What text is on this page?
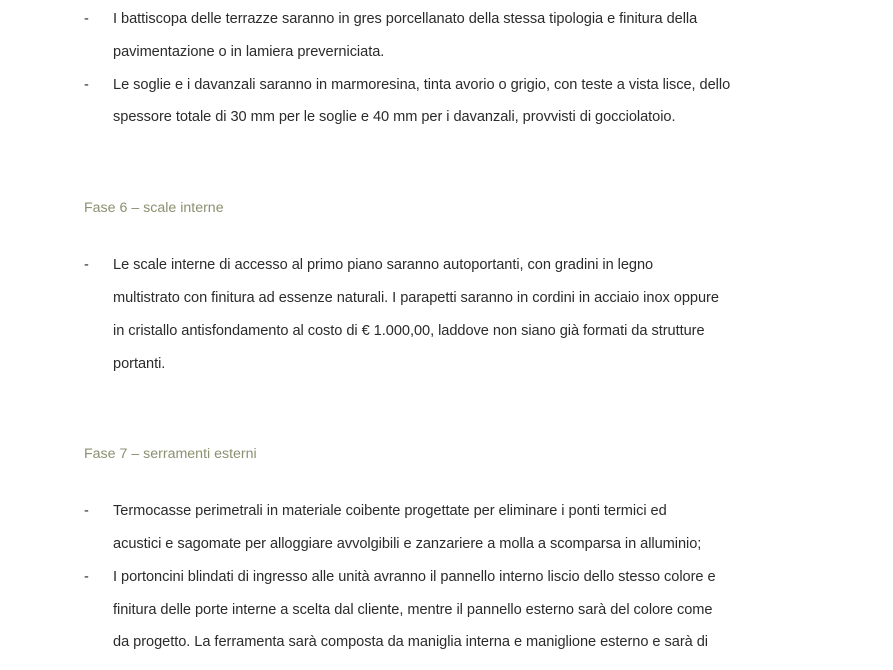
- I battiscopa delle terrazze saranno in gres porcellanato della stessa tipologia e finitura della
pavimentazione o in lamiera preverniciata.
- Le soglie e i davanzali saranno in marmoresina, tinta avorio o grigio, con teste a vista lisce, dello
spessore totale di 30 mm per le soglie e 40 mm per i davanzali, provvisti di gocciolatoio.
Fase 6 – scale interne
- Le scale interne di accesso al primo piano saranno autoportanti, con gradini in legno
multistrato con finitura ad essenze naturali. I parapetti saranno in cordini in acciaio inox oppure
in cristallo antisfondamento al costo di € 1.000,00, laddove non siano già formati da strutture
portanti.
Fase 7 – serramenti esterni
- Termocasse perimetrali in materiale coibente progettate per eliminare i ponti termici ed
acustici e sagomate per alloggiare avvolgibili e zanzariere a molla a scomparsa in alluminio;
- I portoncini blindati di ingresso alle unità avranno il pannello interno liscio dello stesso colore e
finitura delle porte interne a scelta dal cliente, mentre il pannello esterno sarà del colore come
da progetto. La ferramenta sarà composta da maniglia interna e maniglione esterno e sarà di
